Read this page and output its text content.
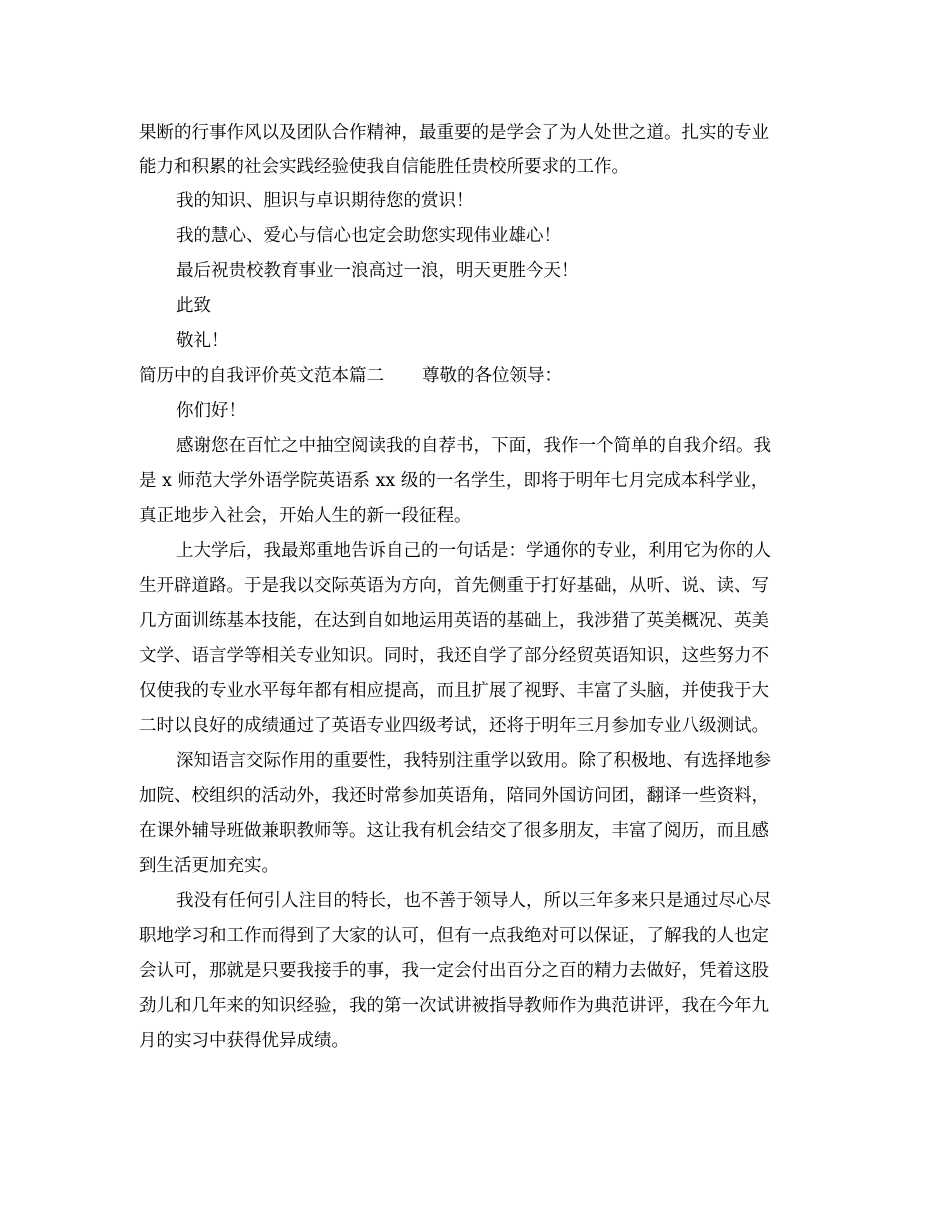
果断的行事作风以及团队合作精神，最重要的是学会了为人处世之道。扎实的专业
能力和积累的社会实践经验使我自信能胜任贵校所要求的工作。
我的知识、胆识与卓识期待您的赏识！
我的慧心、爱心与信心也定会助您实现伟业雄心！
最后祝贵校教育事业一浪高过一浪，明天更胜今天！
此致
敬礼！
简历中的自我评价英文范本篇二 尊敬的各位领导：
你们好！
感谢您在百忙之中抽空阅读我的自荐书，下面，我作一个简单的自我介绍。我
是 x 师范大学外语学院英语系 xx 级的一名学生，即将于明年七月完成本科学业，
真正地步入社会，开始人生的新一段征程。
上大学后，我最郑重地告诉自己的一句话是：学通你的专业，利用它为你的人
生开辟道路。于是我以交际英语为方向，首先侧重于打好基础，从听、说、读、写
几方面训练基本技能，在达到自如地运用英语的基础上，我涉猎了英美概况、英美
文学、语言学等相关专业知识。同时，我还自学了部分经贸英语知识，这些努力不
仅使我的专业水平每年都有相应提高，而且扩展了视野、丰富了头脑，并使我于大
二时以良好的成绩通过了英语专业四级考试，还将于明年三月参加专业八级测试。
深知语言交际作用的重要性，我特别注重学以致用。除了积极地、有选择地参
加院、校组织的活动外，我还时常参加英语角，陪同外国访问团，翻译一些资料，
在课外辅导班做兼职教师等。这让我有机会结交了很多朋友，丰富了阅历，而且感
到生活更加充实。
我没有任何引人注目的特长，也不善于领导人，所以三年多来只是通过尽心尽
职地学习和工作而得到了大家的认可，但有一点我绝对可以保证，了解我的人也定
会认可，那就是只要我接手的事，我一定会付出百分之百的精力去做好，凭着这股
劲儿和几年来的知识经验，我的第一次试讲被指导教师作为典范讲评，我在今年九
月的实习中获得优异成绩。
